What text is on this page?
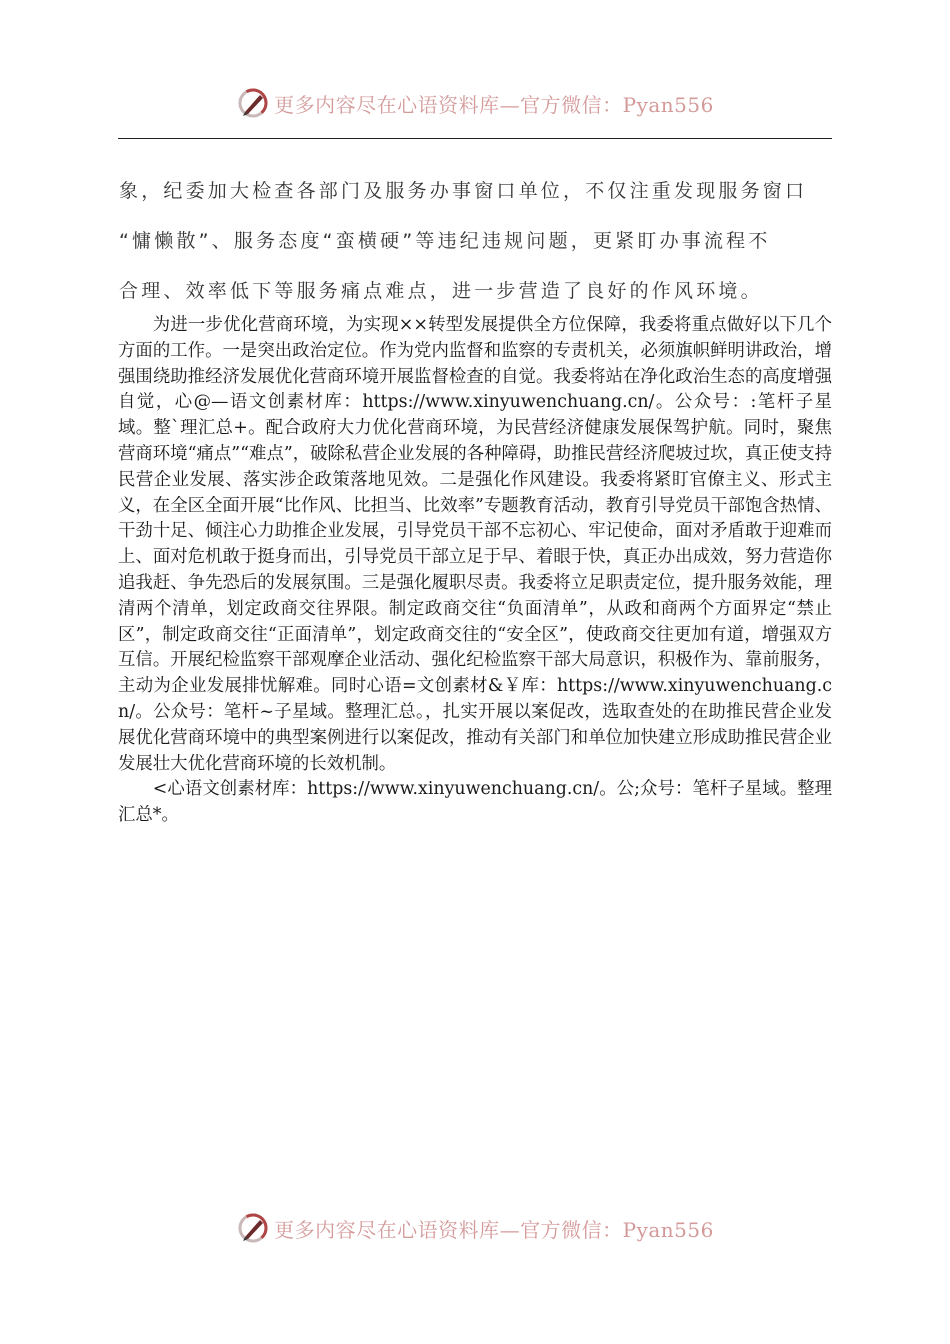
更多内容尽在心语资料库—官方微信：Pyan556

象，纪委加大检查各部门及服务办事窗口单位，不仅注重发现服务窗口

“慵懒散”、服务态度“蛮横硬”等违纪违规问题，更紧盯办事流程不

合理、效率低下等服务痛点难点，进一步营造了良好的作风环境。

为进一步优化营商环境，为实现××转型发展提供全方位保障，我委将重点做好以下几个方面的工作。一是突出政治定位。作为党内监督和监察的专责机关，必须旗帜鲜明讲政治，增强围绕助推经济发展优化营商环境开展监督检查的自觉。我委将站在净化政治生态的高度增强自觉，心@—语文创素材库：https://www.xinyuwenchuang.cn/。公众号：:笔杆子星域。整`理汇总+。配合政府大力优化营商环境，为民营经济健康发展保驾护航。同时，聚焦营商环境“痛点”“难点”，破除私营企业发展的各种障碍，助推民营经济爬坡过坎，真正使支持民营企业发展、落实涉企政策落地见效。二是强化作风建设。我委将紧盯官僚主义、形式主义，在全区全面开展“比作风、比担当、比效率”专题教育活动，教育引导党员干部饱含热情、干劲十足、倾注心力助推企业发展，引导党员干部不忘初心、牢记使命，面对矛盾敢于迎难而上、面对危机敢于挺身而出，引导党员干部立足于早、着眼于快，真正办出成效，努力营造你追我赶、争先恐后的发展氛围。三是强化履职尽责。我委将立足职责定位，提升服务效能，理清两个清单，划定政商交往界限。制定政商交往“负面清单”，从政和商两个方面界定“禁止区”，制定政商交往“正面清单”，划定政商交往的“安全区”，使政商交往更加有道，增强双方互信。开展纪检监察干部观摩企业活动、强化纪检监察干部大局意识，积极作为、靠前服务，主动为企业发展排忧解难。同时心语=文创素材&￥库：https://www.xinyuwenchuang.cn/。公众号：笔杆~子星域。整理汇总。，扎实开展以案促改，选取查处的在助推民营企业发展优化营商环境中的典型案例进行以案促改，推动有关部门和单位加快建立形成助推民营企业发展壮大优化营商环境的长效机制。

<心语文创素材库：https://www.xinyuwenchuang.cn/。公;众号：笔杆子星域。整理汇总*。

更多内容尽在心语资料库—官方微信：Pyan556
